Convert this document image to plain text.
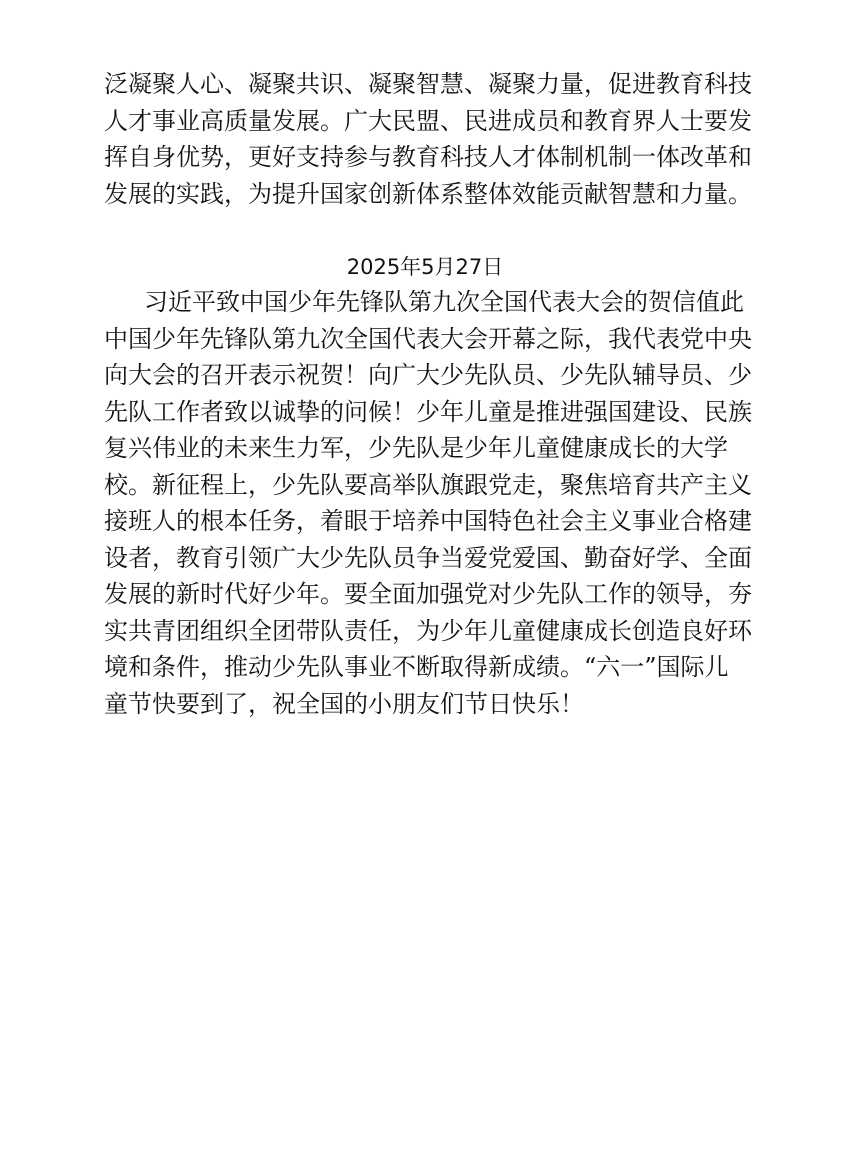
泛凝聚人心、凝聚共识、凝聚智慧、凝聚力量，促进教育科技
人才事业高质量发展。广大民盟、民进成员和教育界人士要发
挥自身优势，更好支持参与教育科技人才体制机制一体改革和
发展的实践，为提升国家创新体系整体效能贡献智慧和力量。
2025年5月27日
习近平致中国少年先锋队第九次全国代表大会的贺信值此
中国少年先锋队第九次全国代表大会开幕之际，我代表党中央
向大会的召开表示祝贺！向广大少先队员、少先队辅导员、少
先队工作者致以诚挚的问候！少年儿童是推进强国建设、民族
复兴伟业的未来生力军，少先队是少年儿童健康成长的大学
校。新征程上，少先队要高举队旗跟党走，聚焦培育共产主义
接班人的根本任务，着眼于培养中国特色社会主义事业合格建
设者，教育引领广大少先队员争当爱党爱国、勤奋好学、全面
发展的新时代好少年。要全面加强党对少先队工作的领导，夯
实共青团组织全团带队责任，为少年儿童健康成长创造良好环
境和条件，推动少先队事业不断取得新成绩。“六一”国际儿
童节快要到了，祝全国的小朋友们节日快乐！
